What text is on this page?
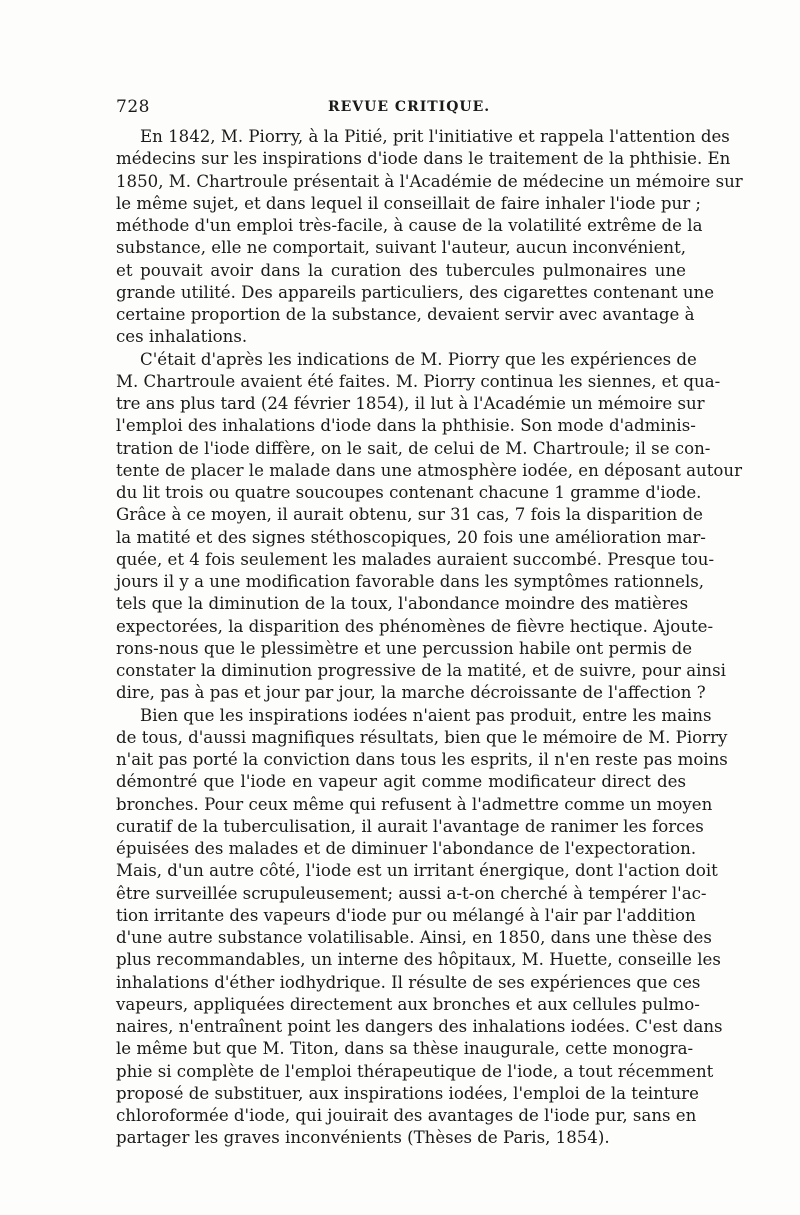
728	REVUE CRITIQUE.
En 1842, M. Piorry, à la Pitié, prit l'initiative et rappela l'attention des
médecins sur les inspirations d'iode dans le traitement de la phthisie. En
1850, M. Chartroule présentait à l'Académie de médecine un mémoire sur
le même sujet, et dans lequel il conseillait de faire inhaler l'iode pur ;
méthode d'un emploi très-facile, à cause de la volatilité extrême de la
substance, elle ne comportait, suivant l'auteur, aucun inconvénient,
et pouvait avoir dans la curation des tubercules pulmonaires une
grande utilité. Des appareils particuliers, des cigarettes contenant une
certaine proportion de la substance, devaient servir avec avantage à
ces inhalations.
C'était d'après les indications de M. Piorry que les expériences de
M. Chartroule avaient été faites. M. Piorry continua les siennes, et qua-
tre ans plus tard (24 février 1854), il lut à l'Académie un mémoire sur
l'emploi des inhalations d'iode dans la phthisie. Son mode d'adminis-
tration de l'iode diffère, on le sait, de celui de M. Chartroule; il se con-
tente de placer le malade dans une atmosphère iodée, en déposant autour
du lit trois ou quatre soucoupes contenant chacune 1 gramme d'iode.
Grâce à ce moyen, il aurait obtenu, sur 31 cas, 7 fois la disparition de
la matité et des signes stéthoscopiques, 20 fois une amélioration mar-
quée, et 4 fois seulement les malades auraient succombé. Presque tou-
jours il y a une modification favorable dans les symptômes rationnels,
tels que la diminution de la toux, l'abondance moindre des matières
expectorées, la disparition des phénomènes de fièvre hectique. Ajoute-
rons-nous que le plessimètre et une percussion habile ont permis de
constater la diminution progressive de la matité, et de suivre, pour ainsi
dire, pas à pas et jour par jour, la marche décroissante de l'affection ?
Bien que les inspirations iodées n'aient pas produit, entre les mains
de tous, d'aussi magnifiques résultats, bien que le mémoire de M. Piorry
n'ait pas porté la conviction dans tous les esprits, il n'en reste pas moins
démontré que l'iode en vapeur agit comme modificateur direct des
bronches. Pour ceux même qui refusent à l'admettre comme un moyen
curatif de la tuberculisation, il aurait l'avantage de ranimer les forces
épuisées des malades et de diminuer l'abondance de l'expectoration.
Mais, d'un autre côté, l'iode est un irritant énergique, dont l'action doit
être surveillée scrupuleusement; aussi a-t-on cherché à tempérer l'ac-
tion irritante des vapeurs d'iode pur ou mélangé à l'air par l'addition
d'une autre substance volatilisable. Ainsi, en 1850, dans une thèse des
plus recommandables, un interne des hôpitaux, M. Huette, conseille les
inhalations d'éther iodhydrique. Il résulte de ses expériences que ces
vapeurs, appliquées directement aux bronches et aux cellules pulmo-
naires, n'entraînent point les dangers des inhalations iodées. C'est dans
le même but que M. Titon, dans sa thèse inaugurale, cette monogra-
phie si complète de l'emploi thérapeutique de l'iode, a tout récemment
proposé de substituer, aux inspirations iodées, l'emploi de la teinture
chloroformée d'iode, qui jouirait des avantages de l'iode pur, sans en
partager les graves inconvénients (Thèses de Paris, 1854).
